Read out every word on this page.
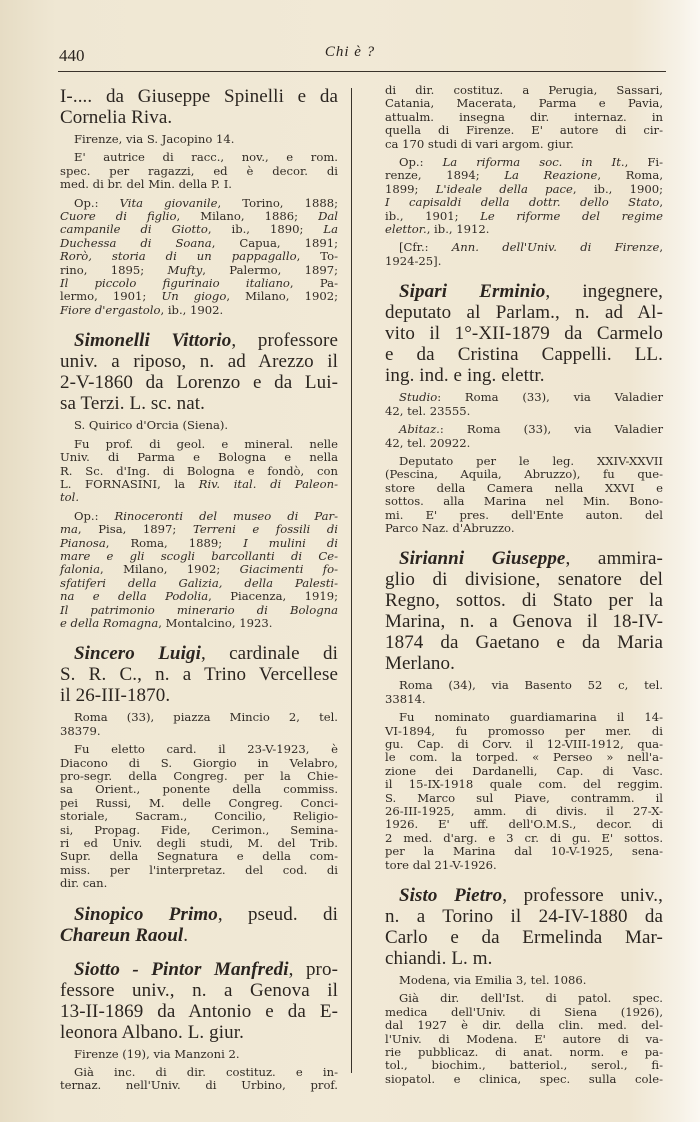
440	Chi è ?
I-.... da Giuseppe Spinelli e da
Cornelia Riva.
Firenze, via S. Jacopino 14.
E' autrice di racc., nov., e rom.
spec. per ragazzi, ed è decor. di
med. di br. del Min. della P. I.
Op.: Vita giovanile, Torino, 1888;
Cuore di figlio, Milano, 1886; Dal
campanile di Giotto, ib., 1890; La
Duchessa di Soana, Capua, 1891;
Rorò, storia di un pappagallo, To-
rino, 1895; Mufty, Palermo, 1897;
Il piccolo figurinaio italiano, Pa-
lermo, 1901; Un giogo, Milano, 1902;
Fiore d'ergastolo, ib., 1902.
Simonelli Vittorio, professore
univ. a riposo, n. ad Arezzo il
2-V-1860 da Lorenzo e da Lui-
sa Terzi. L. sc. nat.
S. Quirico d'Orcia (Siena).
Fu prof. di geol. e mineral. nelle
Univ. di Parma e Bologna e nella
R. Sc. d'Ing. di Bologna e fondò, con
L. FORNASINI, la Riv. ital. di Paleon-
tol.
Op.: Rinoceronti del museo di Par-
ma, Pisa, 1897; Terreni e fossili di
Pianosa, Roma, 1889; I mulini di
mare e gli scogli barcollanti di Ce-
falonia, Milano, 1902; Giacimenti fo-
sfatiferi della Galizia, della Palesti-
na e della Podolia, Piacenza, 1919;
Il patrimonio minerario di Bologna
e della Romagna, Montalcino, 1923.
Sincero Luigi, cardinale di
S. R. C., n. a Trino Vercellese
il 26-III-1870.
Roma (33), piazza Mincio 2, tel.
38379.
Fu eletto card. il 23-V-1923, è
Diacono di S. Giorgio in Velabro,
pro-segr. della Congreg. per la Chie-
sa Orient., ponente della commiss.
pei Russi, M. delle Congreg. Conci-
storiale, Sacram., Concilio, Religio-
si, Propag. Fide, Cerimon., Semina-
ri ed Univ. degli studi, M. del Trib.
Supr. della Segnatura e della com-
miss. per l'interpretaz. del cod. di
dir. can.
Sinopico Primo, pseud. di
Chareun Raoul.
Siotto - Pintor Manfredi, pro-
fessore univ., n. a Genova il
13-II-1869 da Antonio e da E-
leonora Albano. L. giur.
Firenze (19), via Manzoni 2.
Già inc. di dir. costituz. e in-
ternaz. nell'Univ. di Urbino, prof.
di dir. costituz. a Perugia, Sassari,
Catania, Macerata, Parma e Pavia,
attualm. insegna dir. internaz. in
quella di Firenze. E' autore di cir-
ca 170 studi di vari argom. giur.
Op.: La riforma soc. in It., Fi-
renze, 1894; La Reazione, Roma,
1899; L'ideale della pace, ib., 1900;
I capisaldi della dottr. dello Stato,
ib., 1901; Le riforme del regime
elettor., ib., 1912.
[Cfr.: Ann. dell'Univ. di Firenze,
1924-25].
Sipari Erminio, ingegnere,
deputato al Parlam., n. ad Al-
vito il 1°-XII-1879 da Carmelo
e da Cristina Cappelli. LL.
ing. ind. e ing. elettr.
Studio: Roma (33), via Valadier
42, tel. 23555.
Abitaz.: Roma (33), via Valadier
42, tel. 20922.
Deputato per le leg. XXIV-XXVII
(Pescina, Aquila, Abruzzo), fu que-
store della Camera nella XXVI e
sottos. alla Marina nel Min. Bono-
mi. E' pres. dell'Ente auton. del
Parco Naz. d'Abruzzo.
Sirianni Giuseppe, ammira-
glio di divisione, senatore del
Regno, sottos. di Stato per la
Marina, n. a Genova il 18-IV-
1874 da Gaetano e da Maria
Merlano.
Roma (34), via Basento 52 c, tel.
33814.
Fu nominato guardiamarina il 14-
VI-1894, fu promosso per mer. di
gu. Cap. di Corv. il 12-VIII-1912, qua-
le com. la torped. « Perseo » nell'a-
zione dei Dardanelli, Cap. di Vasc.
il 15-IX-1918 quale com. del reggim.
S. Marco sul Piave, contramm. il
26-III-1925, amm. di divis. il 27-X-
1926. E' uff. dell'O.M.S., decor. di
2 med. d'arg. e 3 cr. di gu. E' sottos.
per la Marina dal 10-V-1925, sena-
tore dal 21-V-1926.
Sisto Pietro, professore univ.,
n. a Torino il 24-IV-1880 da
Carlo e da Ermelinda Mar-
chiandi. L. m.
Modena, via Emilia 3, tel. 1086.
Già dir. dell'Ist. di patol. spec.
medica dell'Univ. di Siena (1926),
dal 1927 è dir. della clin. med. del-
l'Univ. di Modena. E' autore di va-
rie pubblicaz. di anat. norm. e pa-
tol., biochim., batteriol., serol., fi-
siopatol. e clinica, spec. sulla cole-
